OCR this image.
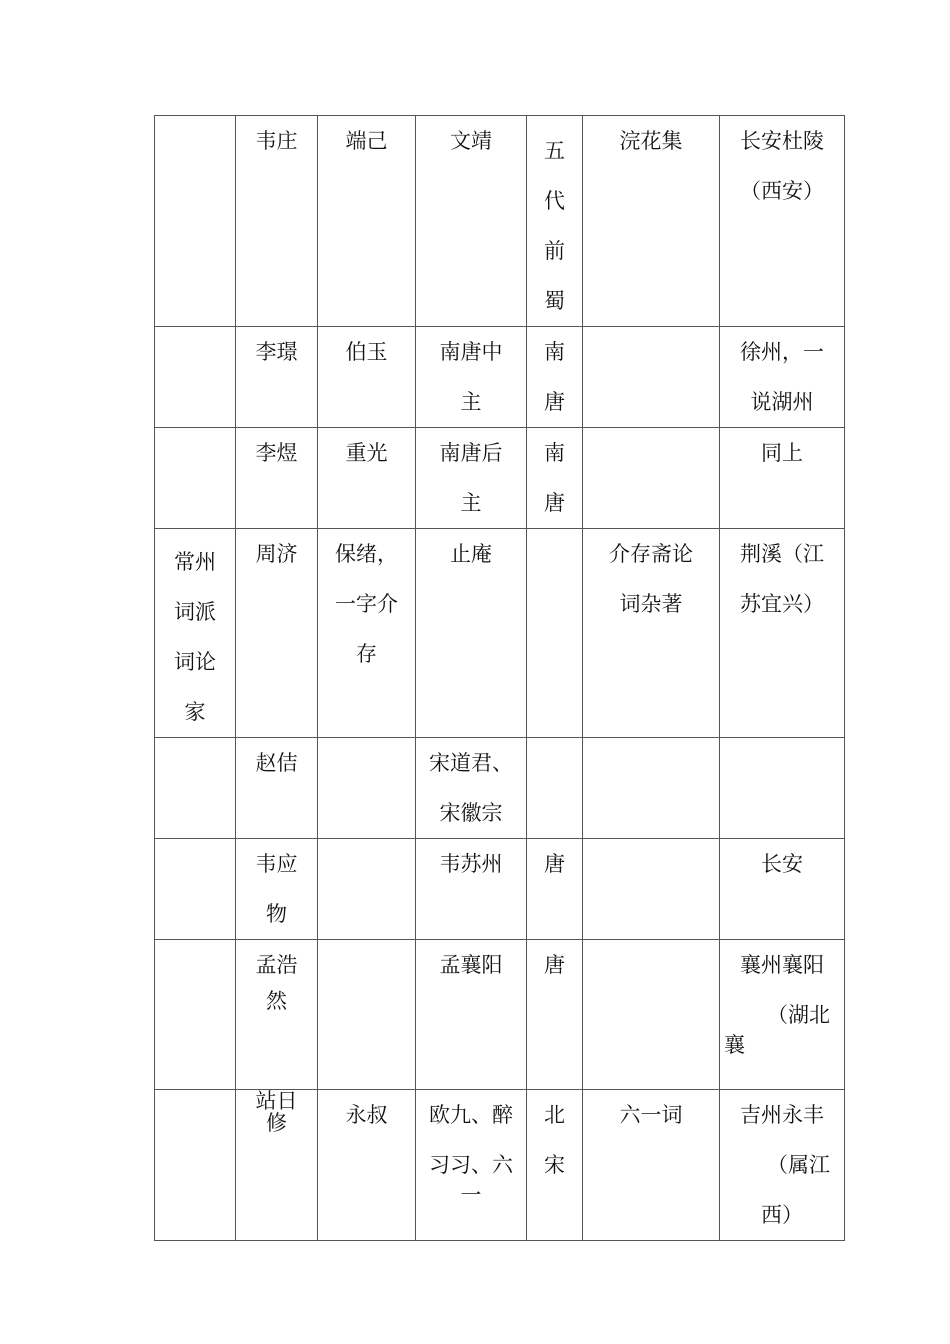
	韦庄	端己	文靖	五
代
前
蜀	浣花集	长安杜陵
（西安）

	李璟	伯玉	南唐中
主	南
唐		徐州，一
说湖州

	李煜	重光	南唐后
主	南
唐		同上

常州
词派
词论
家	周济	保绪，
一字介
存	止庵		介存斋论
词杂著	荆溪（江
苏宜兴）

	赵佶		宋道君、
宋徽宗			

	韦应
物		韦苏州	唐		长安

	孟浩
然		孟襄阳	唐		襄州襄阳
（湖北
襄

	站日
修	永叔	欧九、醉
习习、六
一	北
宋	六一词	吉州永丰
（属江
西）
